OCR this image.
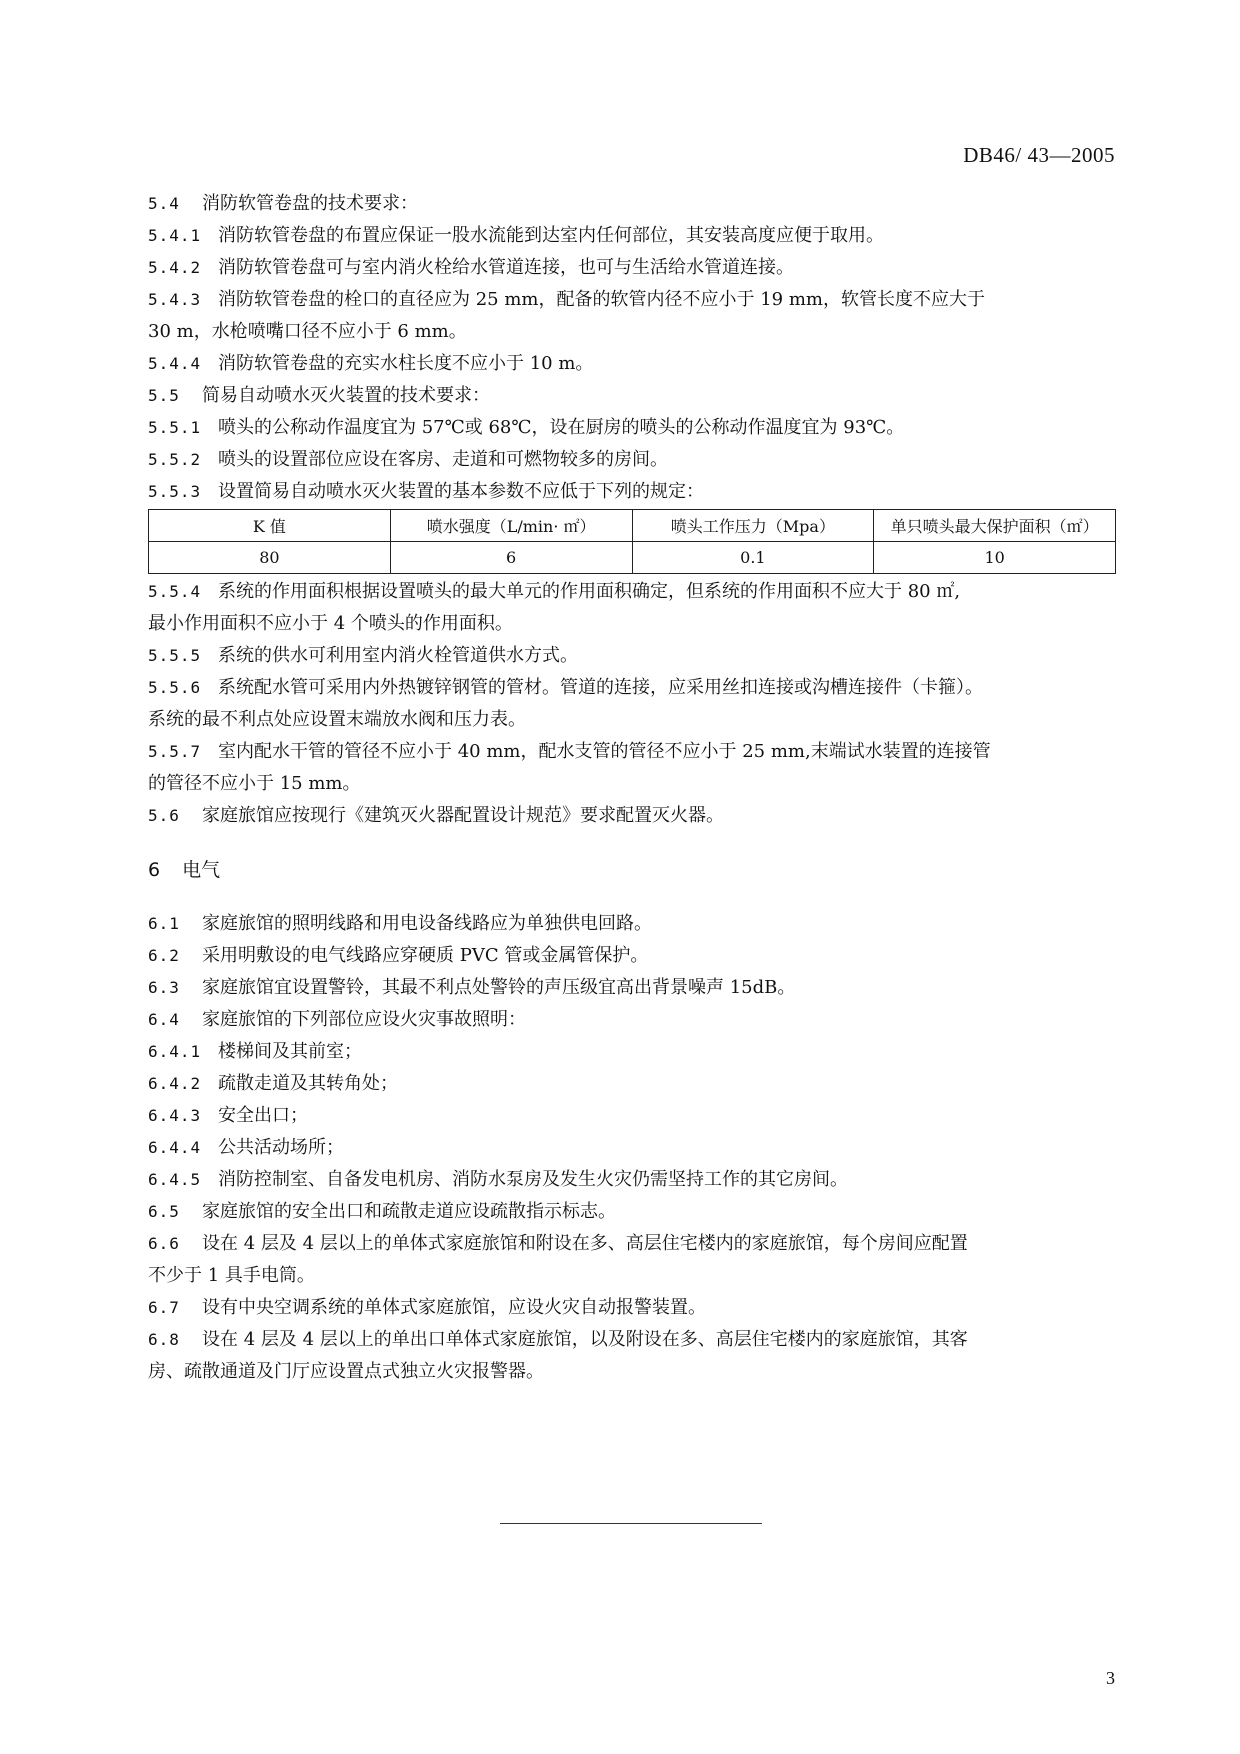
DB46/ 43—2005
5.4 消防软管卷盘的技术要求：
5.4.1 消防软管卷盘的布置应保证一股水流能到达室内任何部位，其安装高度应便于取用。
5.4.2 消防软管卷盘可与室内消火栓给水管道连接，也可与生活给水管道连接。
5.4.3 消防软管卷盘的栓口的直径应为 25 mm，配备的软管内径不应小于 19 mm，软管长度不应大于
30 m，水枪喷嘴口径不应小于 6 mm。
5.4.4 消防软管卷盘的充实水柱长度不应小于 10 m。
5.5 简易自动喷水灭火装置的技术要求：
5.5.1 喷头的公称动作温度宜为 57℃或 68℃，设在厨房的喷头的公称动作温度宜为 93℃。
5.5.2 喷头的设置部位应设在客房、走道和可燃物较多的房间。
5.5.3 设置简易自动喷水灭火装置的基本参数不应低于下列的规定：
K 值	喷水强度（L/min· ㎡）	喷头工作压力（Mpa）	单只喷头最大保护面积（㎡）
80	6	0.1	10
5.5.4 系统的作用面积根据设置喷头的最大单元的作用面积确定，但系统的作用面积不应大于 80 ㎡,
最小作用面积不应小于 4 个喷头的作用面积。
5.5.5 系统的供水可利用室内消火栓管道供水方式。
5.5.6 系统配水管可采用内外热镀锌钢管的管材。管道的连接，应采用丝扣连接或沟槽连接件（卡箍）。
系统的最不利点处应设置末端放水阀和压力表。
5.5.7 室内配水干管的管径不应小于 40 mm，配水支管的管径不应小于 25 mm,末端试水装置的连接管
的管径不应小于 15 mm。
5.6 家庭旅馆应按现行《建筑灭火器配置设计规范》要求配置灭火器。
6 电气
6.1 家庭旅馆的照明线路和用电设备线路应为单独供电回路。
6.2 采用明敷设的电气线路应穿硬质 PVC 管或金属管保护。
6.3 家庭旅馆宜设置警铃，其最不利点处警铃的声压级宜高出背景噪声 15dB。
6.4 家庭旅馆的下列部位应设火灾事故照明：
6.4.1 楼梯间及其前室；
6.4.2 疏散走道及其转角处；
6.4.3 安全出口；
6.4.4 公共活动场所；
6.4.5 消防控制室、自备发电机房、消防水泵房及发生火灾仍需坚持工作的其它房间。
6.5 家庭旅馆的安全出口和疏散走道应设疏散指示标志。
6.6 设在 4 层及 4 层以上的单体式家庭旅馆和附设在多、高层住宅楼内的家庭旅馆，每个房间应配置
不少于 1 具手电筒。
6.7 设有中央空调系统的单体式家庭旅馆，应设火灾自动报警装置。
6.8 设在 4 层及 4 层以上的单出口单体式家庭旅馆，以及附设在多、高层住宅楼内的家庭旅馆，其客
房、疏散通道及门厅应设置点式独立火灾报警器。
3
